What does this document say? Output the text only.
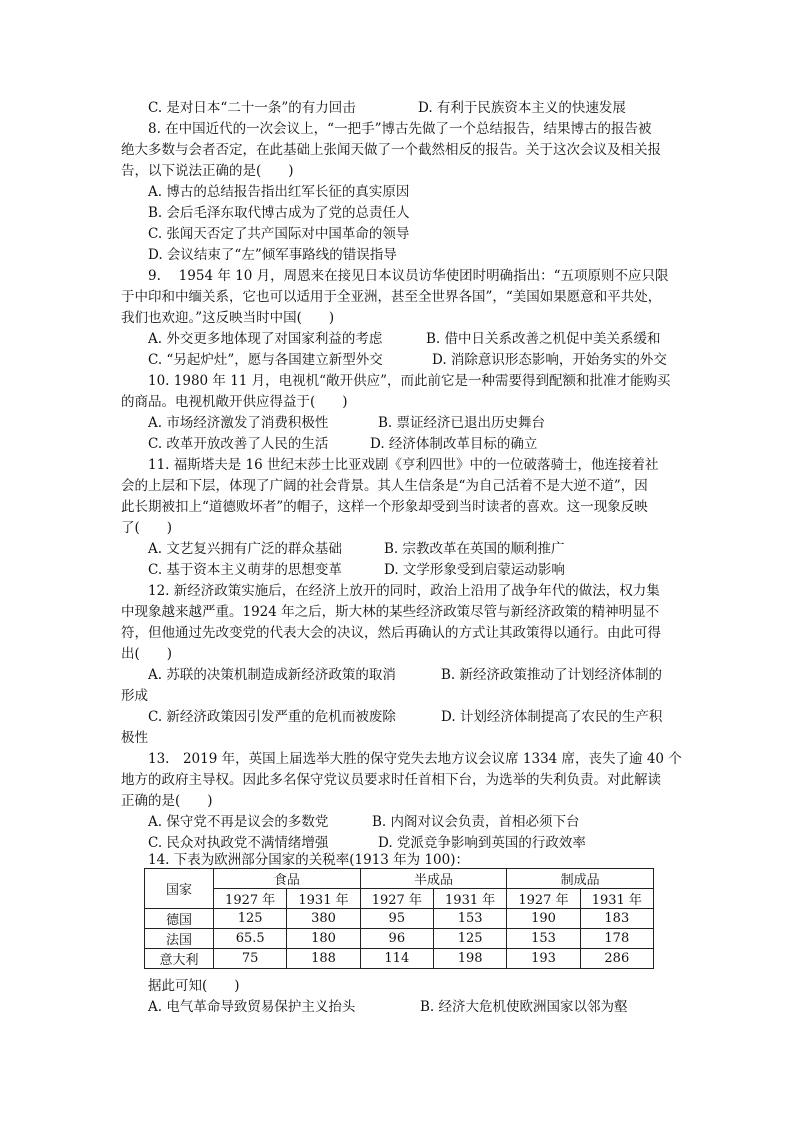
C. 是对日本“二十一条”的有力回击	D. 有利于民族资本主义的快速发展
8. 在中国近代的一次会议上，“一把手”博古先做了一个总结报告，结果博古的报告被
绝大多数与会者否定，在此基础上张闻天做了一个截然相反的报告。关于这次会议及相关报
告，以下说法正确的是(　　)
A. 博古的总结报告指出红军长征的真实原因
B. 会后毛泽东取代博古成为了党的总责任人
C. 张闻天否定了共产国际对中国革命的领导
D. 会议结束了“左”倾军事路线的错误指导
9.　 1954 年 10 月，周恩来在接见日本议员访华使团时明确指出：“五项原则不应只限
于中印和中缅关系，它也可以适用于全亚洲，甚至全世界各国”，“美国如果愿意和平共处，
我们也欢迎。”这反映当时中国(　　)
A. 外交更多地体现了对国家利益的考虑	B. 借中日关系改善之机促中美关系缓和
C. “另起炉灶”，愿与各国建立新型外交	D. 消除意识形态影响，开始务实的外交
10. 1980 年 11 月，电视机“敞开供应”，而此前它是一种需要得到配额和批准才能购买
的商品。电视机敞开供应得益于(　　)
A. 市场经济激发了消费积极性	B. 票证经济已退出历史舞台
C. 改革开放改善了人民的生活	D. 经济体制改革目标的确立
11. 福斯塔夫是 16 世纪末莎士比亚戏剧《亨利四世》中的一位破落骑士，他连接着社
会的上层和下层，体现了广阔的社会背景。其人生信条是“为自己活着不是大逆不道”，因
此长期被扣上“道德败坏者”的帽子，这样一个形象却受到当时读者的喜欢。这一现象反映
了(　　)
A. 文艺复兴拥有广泛的群众基础	B. 宗教改革在英国的顺利推广
C. 基于资本主义萌芽的思想变革	D. 文学形象受到启蒙运动影响
12. 新经济政策实施后，在经济上放开的同时，政治上沿用了战争年代的做法，权力集
中现象越来越严重。1924 年之后，斯大林的某些经济政策尽管与新经济政策的精神明显不
符，但他通过先改变党的代表大会的决议，然后再确认的方式让其政策得以通行。由此可得
出(　　)
A. 苏联的决策机制造成新经济政策的取消	B. 新经济政策推动了计划经济体制的
形成
C. 新经济政策因引发严重的危机而被废除	D. 计划经济体制提高了农民的生产积
极性
13.　2019 年，英国上届选举大胜的保守党失去地方议会议席 1334 席，丧失了逾 40 个
地方的政府主导权。因此多名保守党议员要求时任首相下台，为选举的失利负责。对此解读
正确的是(　　)
A. 保守党不再是议会的多数党	B. 内阁对议会负责，首相必须下台
C. 民众对执政党不满情绪增强	D. 党派竞争影响到英国的行政效率
14. 下表为欧洲部分国家的关税率(1913 年为 100)：
据此可知(　　)
A. 电气革命导致贸易保护主义抬头	B. 经济大危机使欧洲国家以邻为壑
国家	食品		半成品		制成品	
	1927 年	1931 年	1927 年	1931 年	1927 年	1931 年
德国	125	380	95	153	190	183
法国	65.5	180	96	125	153	178
意大利	75	188	114	198	193	286
